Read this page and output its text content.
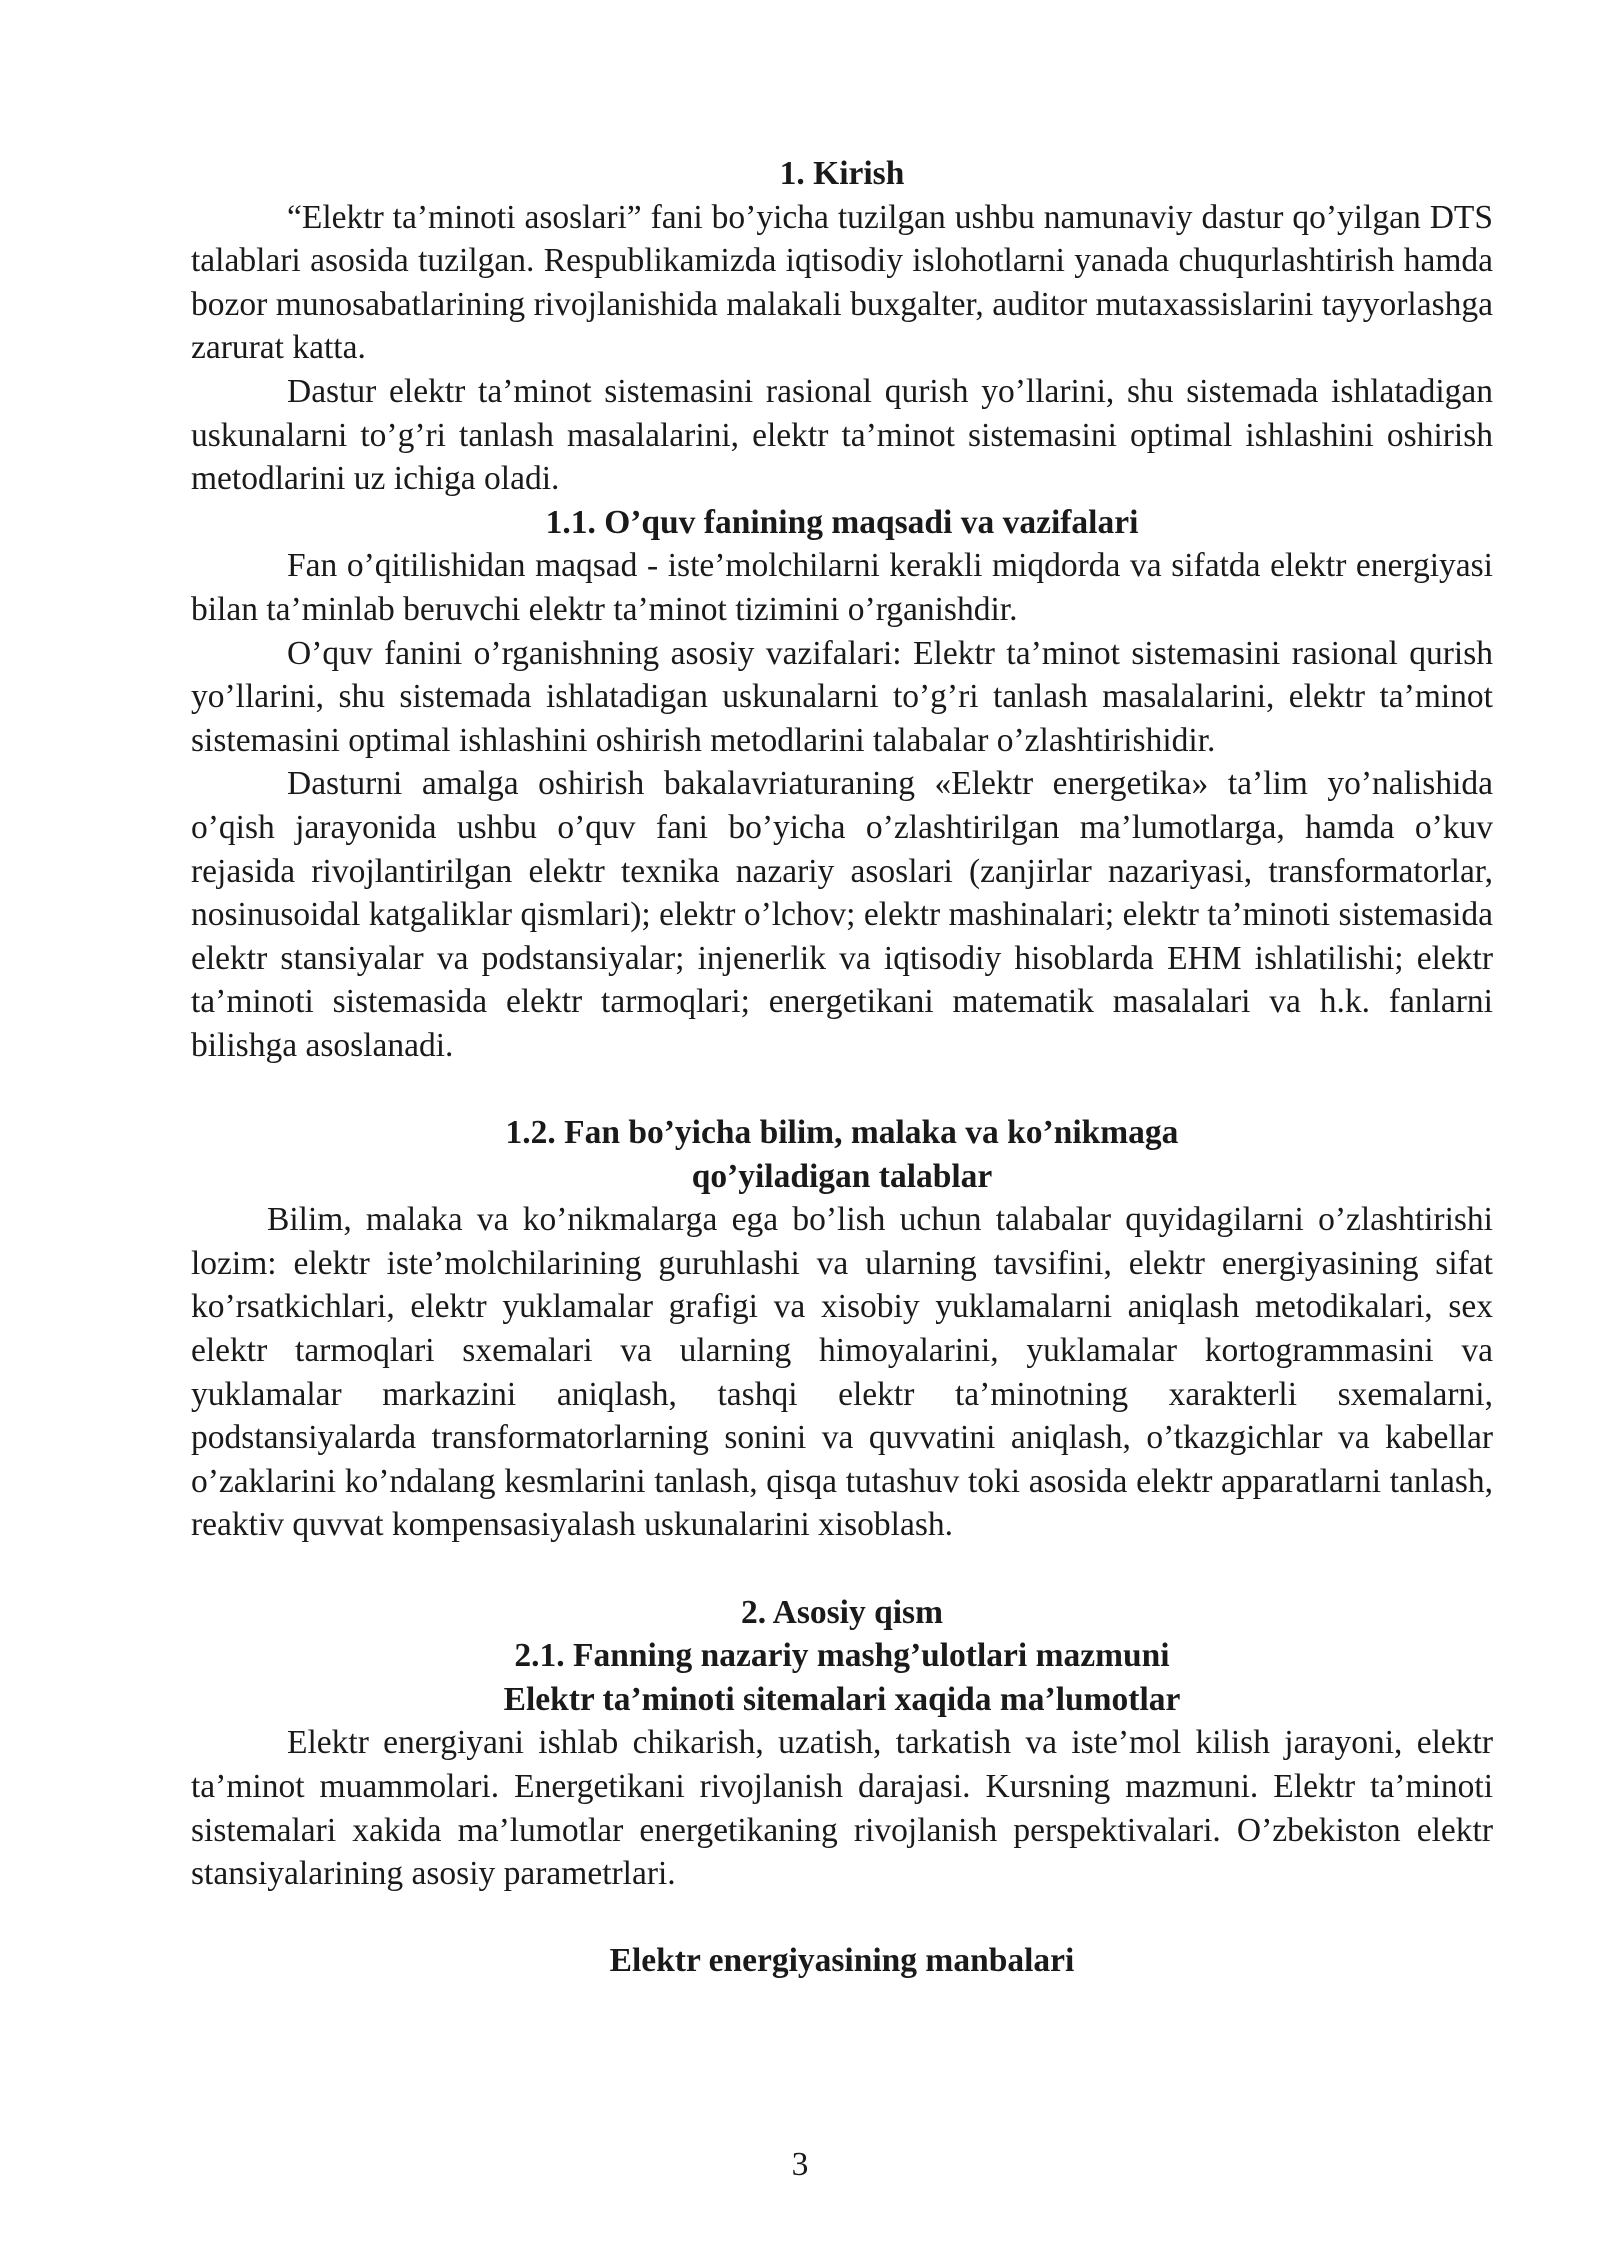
1. Kirish

“Elektr ta’minoti asoslari” fani bo’yicha tuzilgan ushbu namunaviy dastur qo’yilgan DTS talablari asosida tuzilgan. Respublikamizda iqtisodiy islohotlarni yanada chuqurlashtirish hamda bozor munosabatlarining rivojlanishida malakali buxgalter, auditor mutaxassislarini tayyorlashga zarurat katta.

Dastur elektr ta’minot sistemasini rasional qurish yo’llarini, shu sistemada ishlatadigan uskunalarni to’g’ri tanlash masalalarini, elektr ta’minot sistemasini optimal ishlashini oshirish metodlarini uz ichiga oladi.

1.1. O’quv fanining maqsadi va vazifalari

Fan o’qitilishidan maqsad - iste’molchilarni kerakli miqdorda va sifatda elektr energiyasi bilan ta’minlab beruvchi elektr ta’minot tizimini o’rganishdir.

O’quv fanini o’rganishning asosiy vazifalari: Elektr ta’minot sistemasini rasional qurish yo’llarini, shu sistemada ishlatadigan uskunalarni to’g’ri tanlash masalalarini, elektr ta’minot sistemasini optimal ishlashini oshirish metodlarini talabalar o’zlashtirishidir.

Dasturni amalga oshirish bakalavriaturaning «Elektr energetika» ta’lim yo’nalishida o’qish jarayonida ushbu o’quv fani bo’yicha o’zlashtirilgan ma’lumotlarga, hamda o’kuv rejasida rivojlantirilgan elektr texnika nazariy asoslari (zanjirlar nazariyasi, transformatorlar, nosinusoidal katgaliklar qismlari); elektr o’lchov; elektr mashinalari; elektr ta’minoti sistemasida elektr stansiyalar va podstansiyalar; injenerlik va iqtisodiy hisoblarda EHM ishlatilishi; elektr ta’minoti sistemasida elektr tarmoqlari; energetikani matematik masalalari va h.k. fanlarni bilishga asoslanadi.

1.2. Fan bo’yicha bilim, malaka va ko’nikmaga

qo’yiladigan talablar

Bilim, malaka va ko’nikmalarga ega bo’lish uchun talabalar quyidagilarni o’zlashtirishi lozim: elektr iste’molchilarining guruhlashi va ularning tavsifini, elektr energiyasining sifat ko’rsatkichlari, elektr yuklamalar grafigi va xisobiy yuklamalarni aniqlash metodikalari, sex elektr tarmoqlari sxemalari va ularning himoyalarini, yuklamalar kortogrammasini va yuklamalar markazini aniqlash, tashqi elektr ta’minotning xarakterli sxemalarni, podstansiyalarda transformatorlarning sonini va quvvatini aniqlash, o’tkazgichlar va kabellar o’zaklarini ko’ndalang kesmlarini tanlash, qisqa tutashuv toki asosida elektr apparatlarni tanlash, reaktiv quvvat kompensasiyalash uskunalarini xisoblash.

2. Asosiy qism

2.1. Fanning nazariy mashg’ulotlari mazmuni

Elektr ta’minoti sitemalari xaqida ma’lumotlar

Elektr energiyani ishlab chikarish, uzatish, tarkatish va iste’mol kilish jarayoni, elektr ta’minot muammolari. Energetikani rivojlanish darajasi. Kursning mazmuni. Elektr ta’minoti sistemalari xakida ma’lumotlar energetikaning rivojlanish perspektivalari. O’zbekiston elektr stansiyalarining asosiy parametrlari.

Elektr energiyasining manbalari

3
